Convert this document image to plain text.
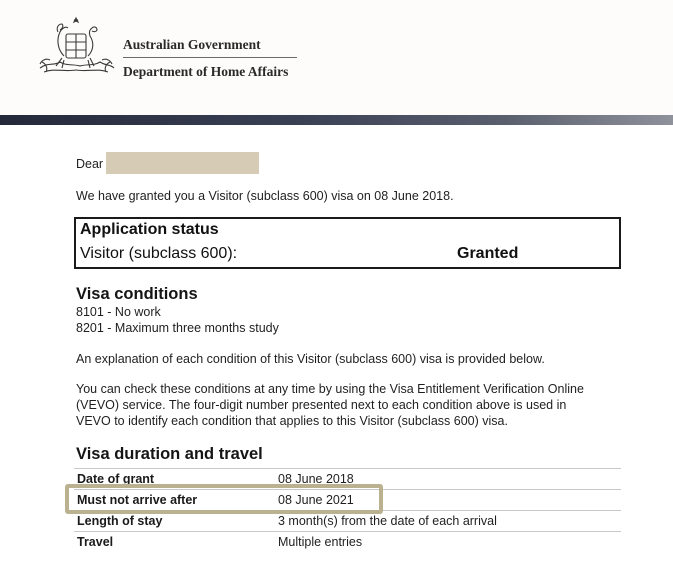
Australian Government
Department of Home Affairs
Dear
We have granted you a Visitor (subclass 600) visa on 08 June 2018.
Application status
Visitor (subclass 600):	Granted
Visa conditions
8101 - No work
8201 - Maximum three months study
An explanation of each condition of this Visitor (subclass 600) visa is provided below.
You can check these conditions at any time by using the Visa Entitlement Verification Online
(VEVO) service. The four-digit number presented next to each condition above is used in
VEVO to identify each condition that applies to this Visitor (subclass 600) visa.
Visa duration and travel
Date of grant	08 June 2018
Must not arrive after	08 June 2021
Length of stay	3 month(s) from the date of each arrival
Travel	Multiple entries
